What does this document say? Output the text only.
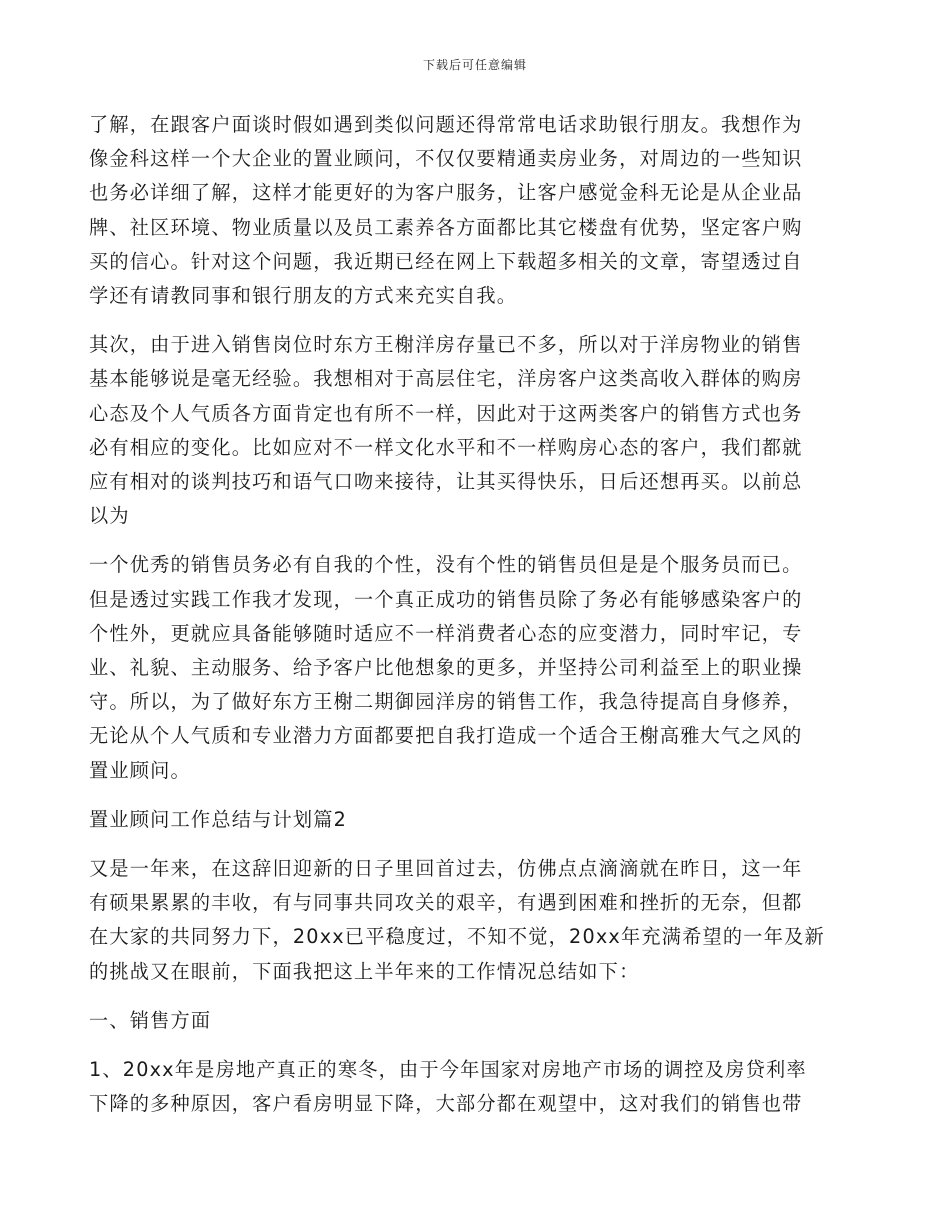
下载后可任意编辑

了解，在跟客户面谈时假如遇到类似问题还得常常电话求助银行朋友。我想作为
像金科这样一个大企业的置业顾问，不仅仅要精通卖房业务，对周边的一些知识
也务必详细了解，这样才能更好的为客户服务，让客户感觉金科无论是从企业品
牌、社区环境、物业质量以及员工素养各方面都比其它楼盘有优势，坚定客户购
买的信心。针对这个问题，我近期已经在网上下载超多相关的文章，寄望透过自
学还有请教同事和银行朋友的方式来充实自我。

其次，由于进入销售岗位时东方王榭洋房存量已不多，所以对于洋房物业的销售
基本能够说是毫无经验。我想相对于高层住宅，洋房客户这类高收入群体的购房
心态及个人气质各方面肯定也有所不一样，因此对于这两类客户的销售方式也务
必有相应的变化。比如应对不一样文化水平和不一样购房心态的客户，我们都就
应有相对的谈判技巧和语气口吻来接待，让其买得快乐，日后还想再买。以前总
以为

一个优秀的销售员务必有自我的个性，没有个性的销售员但是是个服务员而已。
但是透过实践工作我才发现，一个真正成功的销售员除了务必有能够感染客户的
个性外，更就应具备能够随时适应不一样消费者心态的应变潜力，同时牢记，专
业、礼貌、主动服务、给予客户比他想象的更多，并坚持公司利益至上的职业操
守。所以，为了做好东方王榭二期御园洋房的销售工作，我急待提高自身修养，
无论从个人气质和专业潜力方面都要把自我打造成一个适合王榭高雅大气之风的
置业顾问。

置业顾问工作总结与计划篇2

又是一年来，在这辞旧迎新的日子里回首过去，仿佛点点滴滴就在昨日，这一年
有硕果累累的丰收，有与同事共同攻关的艰辛，有遇到困难和挫折的无奈，但都
在大家的共同努力下，20xx已平稳度过，不知不觉，20xx年充满希望的一年及新
的挑战又在眼前，下面我把这上半年来的工作情况总结如下：

一、销售方面

1、20xx年是房地产真正的寒冬，由于今年国家对房地产市场的调控及房贷利率
下降的多种原因，客户看房明显下降，大部分都在观望中，这对我们的销售也带
